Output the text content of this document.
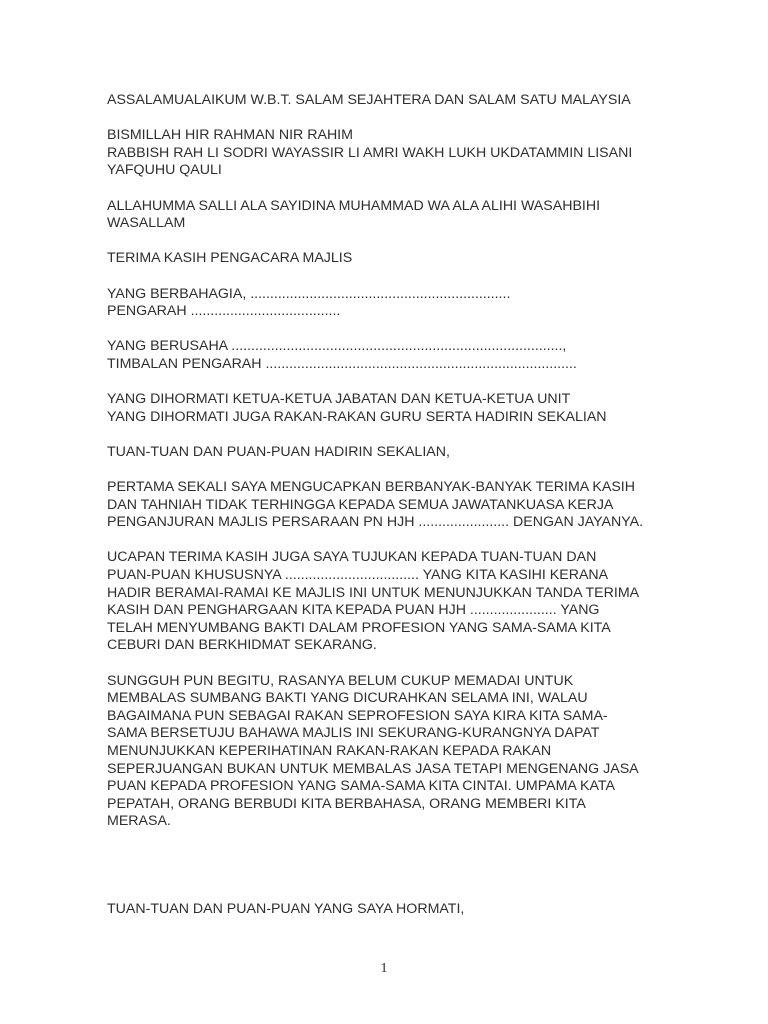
ASSALAMUALAIKUM W.B.T. SALAM SEJAHTERA DAN SALAM SATU MALAYSIA

BISMILLAH HIR RAHMAN NIR RAHIM
RABBISH RAH LI SODRI WAYASSIR LI AMRI WAKH LUKH UKDATAMMIN LISANI
YAFQUHU QAULI

ALLAHUMMA SALLI ALA SAYIDINA MUHAMMAD WA ALA ALIHI WASAHBIHI
WASALLAM

TERIMA KASIH PENGACARA MAJLIS

YANG BERBAHAGIA, ..................................................................
PENGARAH ......................................

YANG BERUSAHA ....................................................................................,
TIMBALAN PENGARAH ...............................................................................

YANG DIHORMATI KETUA-KETUA JABATAN DAN KETUA-KETUA UNIT
YANG DIHORMATI JUGA RAKAN-RAKAN GURU SERTA HADIRIN SEKALIAN

TUAN-TUAN DAN PUAN-PUAN HADIRIN SEKALIAN,

PERTAMA SEKALI SAYA MENGUCAPKAN BERBANYAK-BANYAK TERIMA KASIH
DAN TAHNIAH TIDAK TERHINGGA KEPADA SEMUA JAWATANKUASA KERJA
PENGANJURAN MAJLIS PERSARAAN PN HJH ....................... DENGAN JAYANYA.

UCAPAN TERIMA KASIH JUGA SAYA TUJUKAN KEPADA TUAN-TUAN DAN
PUAN-PUAN KHUSUSNYA .................................. YANG KITA KASIHI KERANA
HADIR BERAMAI-RAMAI KE MAJLIS INI UNTUK MENUNJUKKAN TANDA TERIMA
KASIH DAN PENGHARGAAN KITA KEPADA PUAN HJH ...................... YANG
TELAH MENYUMBANG BAKTI DALAM PROFESION YANG SAMA-SAMA KITA
CEBURI DAN BERKHIDMAT SEKARANG.

SUNGGUH PUN BEGITU, RASANYA BELUM CUKUP MEMADAI UNTUK
MEMBALAS SUMBANG BAKTI YANG DICURAHKAN SELAMA INI, WALAU
BAGAIMANA PUN SEBAGAI RAKAN SEPROFESION SAYA KIRA KITA SAMA-
SAMA BERSETUJU BAHAWA MAJLIS INI SEKURANG-KURANGNYA DAPAT
MENUNJUKKAN KEPERIHATINAN RAKAN-RAKAN KEPADA RAKAN
SEPERJUANGAN BUKAN UNTUK MEMBALAS JASA TETAPI MENGENANG JASA
PUAN KEPADA PROFESION YANG SAMA-SAMA KITA CINTAI. UMPAMA KATA
PEPATAH, ORANG BERBUDI KITA BERBAHASA, ORANG MEMBERI KITA
MERASA.

TUAN-TUAN DAN PUAN-PUAN YANG SAYA HORMATI,

1
